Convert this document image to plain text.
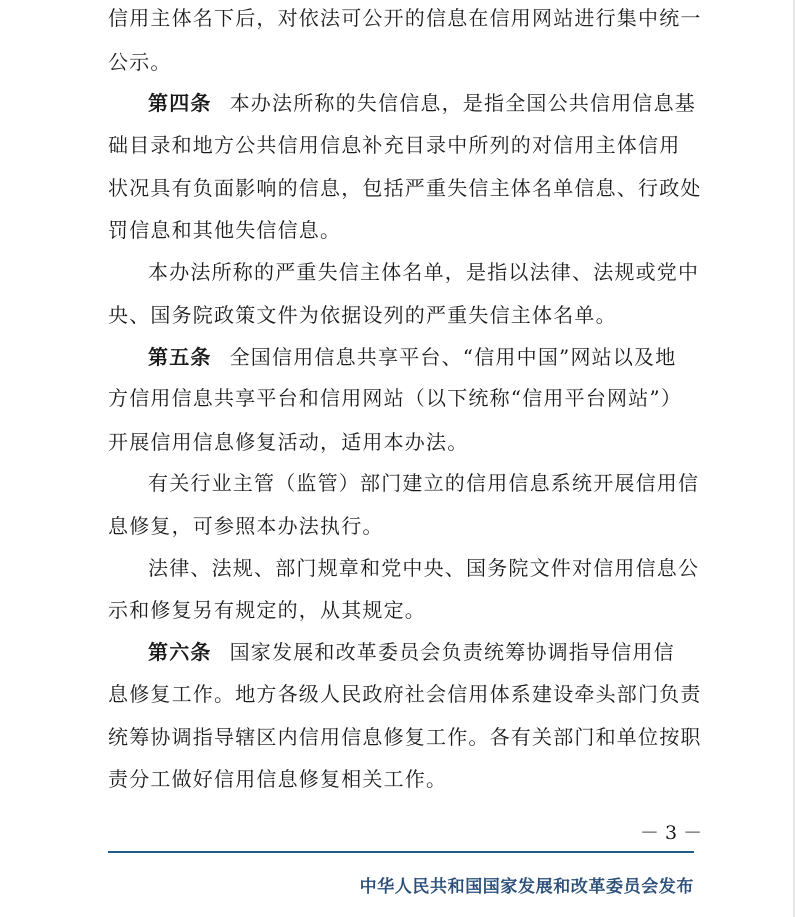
信用主体名下后，对依法可公开的信息在信用网站进行集中统一
公示。
第四条 本办法所称的失信信息，是指全国公共信用信息基
础目录和地方公共信用信息补充目录中所列的对信用主体信用
状况具有负面影响的信息，包括严重失信主体名单信息、行政处
罚信息和其他失信信息。
本办法所称的严重失信主体名单，是指以法律、法规或党中
央、国务院政策文件为依据设列的严重失信主体名单。
第五条 全国信用信息共享平台、“信用中国”网站以及地
方信用信息共享平台和信用网站（以下统称“信用平台网站”）
开展信用信息修复活动，适用本办法。
有关行业主管（监管）部门建立的信用信息系统开展信用信
息修复，可参照本办法执行。
法律、法规、部门规章和党中央、国务院文件对信用信息公
示和修复另有规定的，从其规定。
第六条 国家发展和改革委员会负责统筹协调指导信用信
息修复工作。地方各级人民政府社会信用体系建设牵头部门负责
统筹协调指导辖区内信用信息修复工作。各有关部门和单位按职
责分工做好信用信息修复相关工作。
－3－
中华人民共和国国家发展和改革委员会发布
